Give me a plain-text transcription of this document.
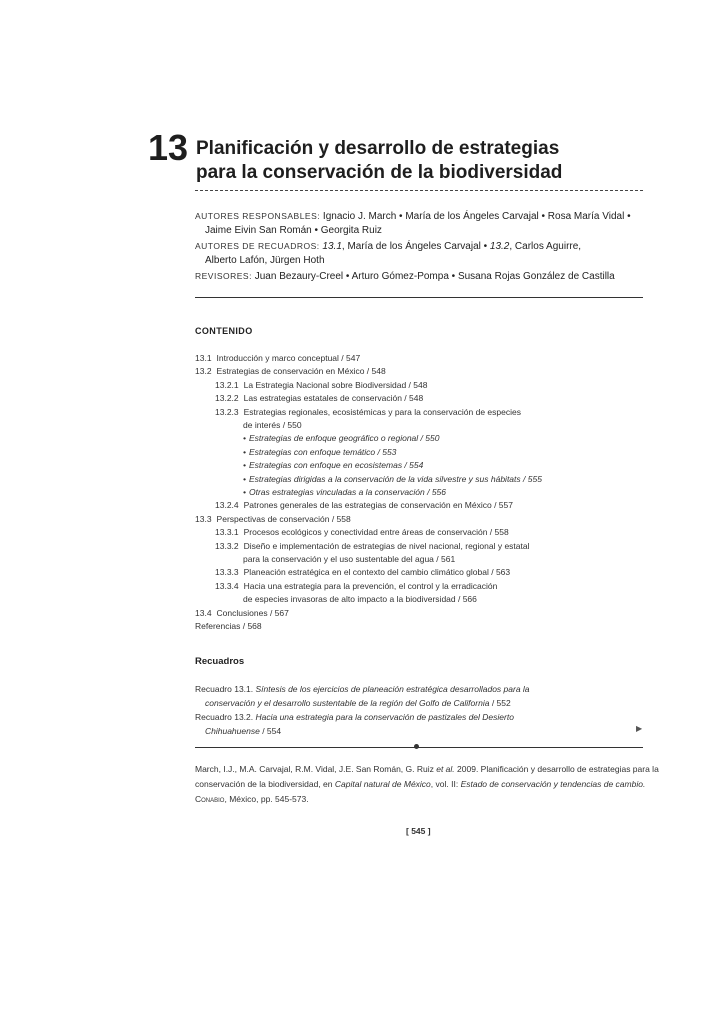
13 Planificación y desarrollo de estrategias
para la conservación de la biodiversidad
AUTORES RESPONSABLES: Ignacio J. March • María de los Ángeles Carvajal • Rosa María Vidal •
Jaime Eivin San Román • Georgita Ruiz
AUTORES DE RECUADROS: 13.1, María de los Ángeles Carvajal • 13.2, Carlos Aguirre,
Alberto Lafón, Jürgen Hoth
REVISORES: Juan Bezaury-Creel • Arturo Gómez-Pompa • Susana Rojas González de Castilla
CONTENIDO
13.1 Introducción y marco conceptual / 547
13.2 Estrategias de conservación en México / 548
13.2.1 La Estrategia Nacional sobre Biodiversidad / 548
13.2.2 Las estrategias estatales de conservación / 548
13.2.3 Estrategias regionales, ecosistémicas y para la conservación de especies
de interés / 550
• Estrategias de enfoque geográfico o regional / 550
• Estrategias con enfoque temático / 553
• Estrategias con enfoque en ecosistemas / 554
• Estrategias dirigidas a la conservación de la vida silvestre y sus hábitats / 555
• Otras estrategias vinculadas a la conservación / 556
13.2.4 Patrones generales de las estrategias de conservación en México / 557
13.3 Perspectivas de conservación / 558
13.3.1 Procesos ecológicos y conectividad entre áreas de conservación / 558
13.3.2 Diseño e implementación de estrategias de nivel nacional, regional y estatal
para la conservación y el uso sustentable del agua / 561
13.3.3 Planeación estratégica en el contexto del cambio climático global / 563
13.3.4 Hacia una estrategia para la prevención, el control y la erradicación
de especies invasoras de alto impacto a la biodiversidad / 566
13.4 Conclusiones / 567
Referencias / 568
Recuadros
Recuadro 13.1. Síntesis de los ejercicios de planeación estratégica desarrollados para la
conservación y el desarrollo sustentable de la región del Golfo de California / 552
Recuadro 13.2. Hacia una estrategia para la conservación de pastizales del Desierto
Chihuahuense / 554	▶
March, I.J., M.A. Carvajal, R.M. Vidal, J.E. San Román, G. Ruiz et al. 2009. Planificación y desarrollo de estrategias para la
conservación de la biodiversidad, en Capital natural de México, vol. II: Estado de conservación y tendencias de cambio.
Conabio, México, pp. 545-573.
[ 545 ]
